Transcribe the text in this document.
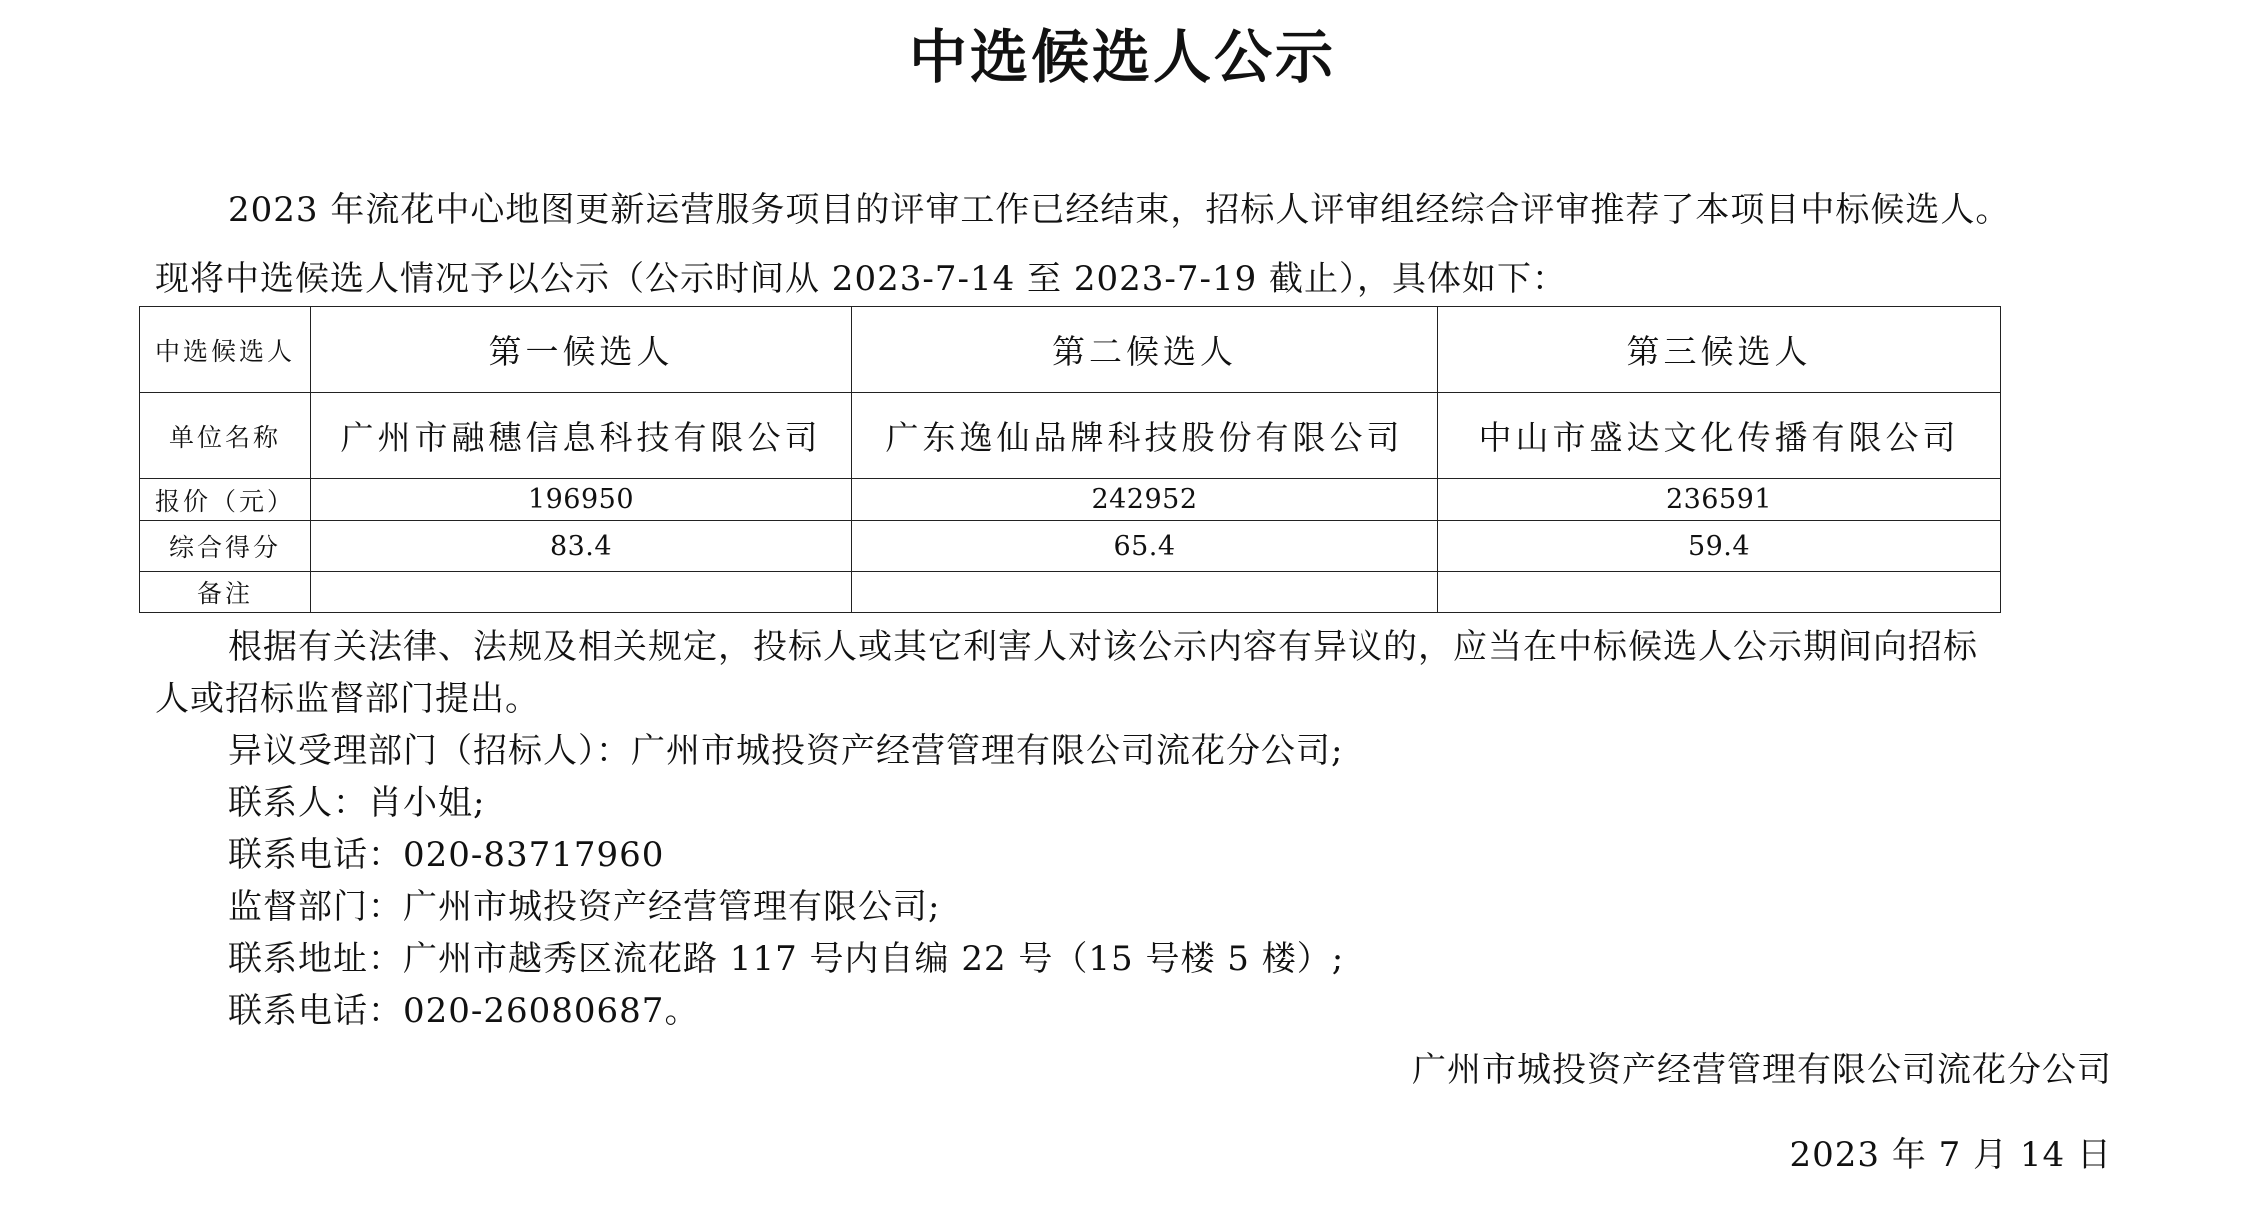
中选候选人公示
2023 年流花中心地图更新运营服务项目的评审工作已经结束，招标人评审组经综合评审推荐了本项目中标候选人。
现将中选候选人情况予以公示（公示时间从 2023-7-14 至 2023-7-19 截止），具体如下：
中选候选人	第一候选人	第二候选人	第三候选人
单位名称	广州市融穗信息科技有限公司	广东逸仙品牌科技股份有限公司	中山市盛达文化传播有限公司
报价（元）	196950	242952	236591
综合得分	83.4	65.4	59.4
备注			
根据有关法律、法规及相关规定，投标人或其它利害人对该公示内容有异议的，应当在中标候选人公示期间向招标
人或招标监督部门提出。
异议受理部门（招标人）：广州市城投资产经营管理有限公司流花分公司;
联系人：肖小姐;
联系电话：020-83717960
监督部门：广州市城投资产经营管理有限公司;
联系地址：广州市越秀区流花路 117 号内自编 22 号（15 号楼 5 楼）;
联系电话：020-26080687。
广州市城投资产经营管理有限公司流花分公司
2023 年 7 月 14 日
